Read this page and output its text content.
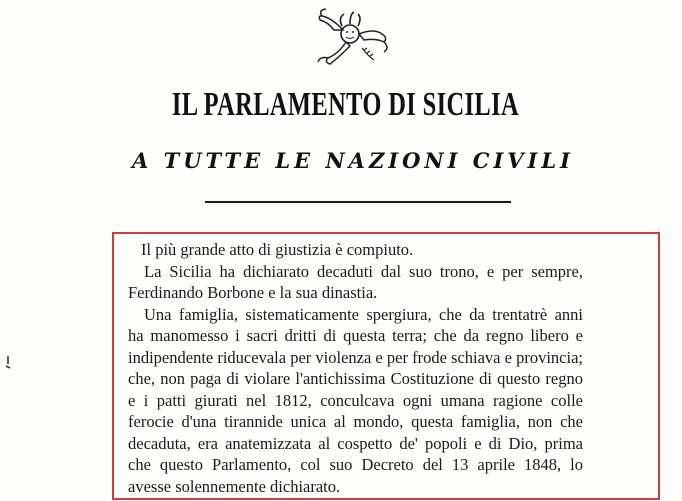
IL PARLAMENTO DI SICILIA
A TUTTE LE NAZIONI CIVILI
Il più grande atto di giustizia è compiuto.
La Sicilia ha dichiarato decaduti dal suo trono, e per sempre,
Ferdinando Borbone e la sua dinastia.
Una famiglia, sistematicamente spergiura, che da trentatrè anni
ha manomesso i sacri dritti di questa terra; che da regno libero e
indipendente riducevala per violenza e per frode schiava e provincia;
che, non paga di violare l'antichissima Costituzione di questo regno
e i patti giurati nel 1812, conculcava ogni umana ragione colle
ferocie d'una tirannide unica al mondo, questa famiglia, non che
decaduta, era anatemizzata al cospetto de' popoli e di Dio, prima
che questo Parlamento, col suo Decreto del 13 aprile 1848, lo
avesse solennemente dichiarato.
